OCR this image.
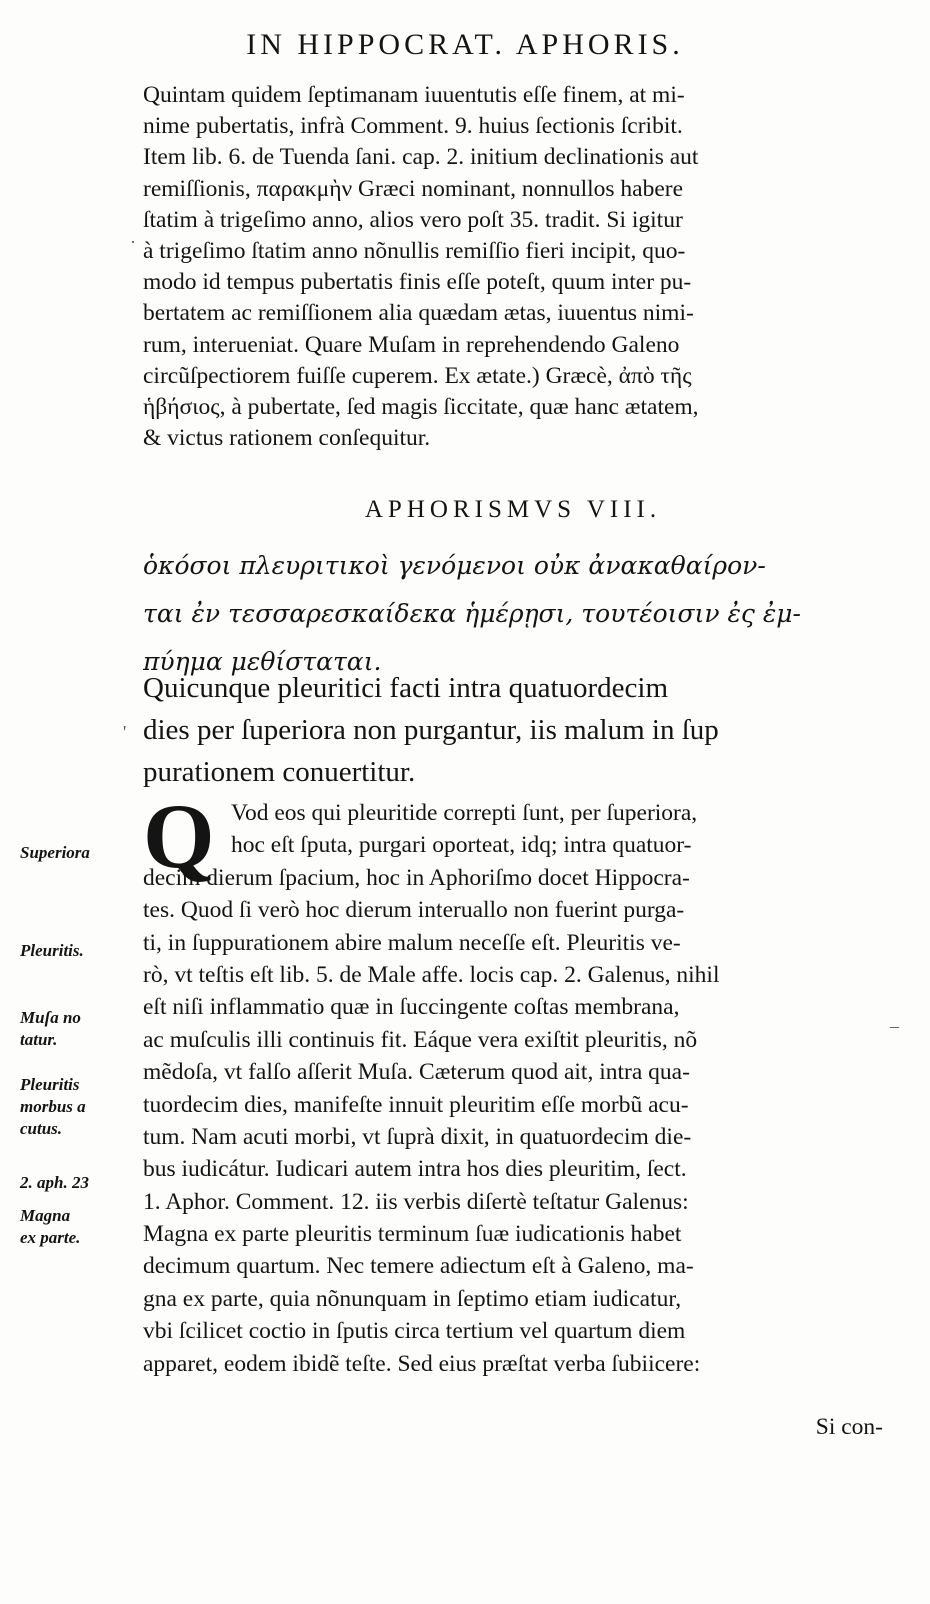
IN HIPPOCRAT. APHORIS.
Quintam quidem ſeptimanam iuuentutis eſſe finem, at mi-
nime pubertatis, infrà Comment. 9. huius ſectionis ſcribit.
Item lib. 6. de Tuenda ſani. cap. 2. initium declinationis aut
remiſſionis, παρακμὴν Græci nominant, nonnullos habere
ſtatim à trigeſimo anno, alios vero poſt 35. tradit. Si igitur
à trigeſimo ſtatim anno nõnullis remiſſio fieri incipit, quo-
modo id tempus pubertatis finis eſſe poteſt, quum inter pu-
bertatem ac remiſſionem alia quædam ætas, iuuentus nimi-
rum, interueniat. Quare Muſam in reprehendendo Galeno
circũſpectiorem fuiſſe cuperem. Ex ætate.) Græcè, ἀπὸ τῆς
ἡβήσιος, à pubertate, ſed magis ſiccitate, quæ hanc ætatem,
& victus rationem conſequitur.
APHORISMVS VIII.
ὁκόσοι πλευριτικοὶ γενόμενοι οὐκ ἀνακαθαίρον-
ται ἐν τεσσαρεσκαίδεκα ἡμέρῃσι, τουτέοισιν ἐς ἐμ-
πύημα μεθίσταται.
Quicunque pleuritici facti intra quatuordecim
dies per ſuperiora non purgantur, iis malum in ſup
purationem conuertitur.
Q Vod eos qui pleuritide correpti ſunt, per ſuperiora,
hoc eſt ſputa, purgari oporteat, idq; intra quatuor-
decim dierum ſpacium, hoc in Aphoriſmo docet Hippocra-
tes. Quod ſi verò hoc dierum interuallo non fuerint purga-
ti, in ſuppurationem abire malum neceſſe eſt. Pleuritis ve-
rò, vt teſtis eſt lib. 5. de Male affe. locis cap. 2. Galenus, nihil
eſt niſi inflammatio quæ in ſuccingente coſtas membrana,
ac muſculis illi continuis fit. Eáque vera exiſtit pleuritis, nõ
mẽdoſa, vt falſo aſſerit Muſa. Cæterum quod ait, intra qua-
tuordecim dies, manifeſte innuit pleuritim eſſe morbũ acu-
tum. Nam acuti morbi, vt ſuprà dixit, in quatuordecim die-
bus iudicátur. Iudicari autem intra hos dies pleuritim, ſect.
1. Aphor. Comment. 12. iis verbis diſertè teſtatur Galenus:
Magna ex parte pleuritis terminum ſuæ iudicationis habet
decimum quartum. Nec temere adiectum eſt à Galeno, ma-
gna ex parte, quia nõnunquam in ſeptimo etiam iudicatur,
vbi ſcilicet coctio in ſputis circa tertium vel quartum diem
apparet, eodem ibidẽ teſte. Sed eius præſtat verba ſubiicere:
Si con-
Superiora
Pleuritis.
Muſa no
tatur.
Pleuritis
morbus a
cutus.
2. aph. 23
Magna
ex parte.
·
'
–
